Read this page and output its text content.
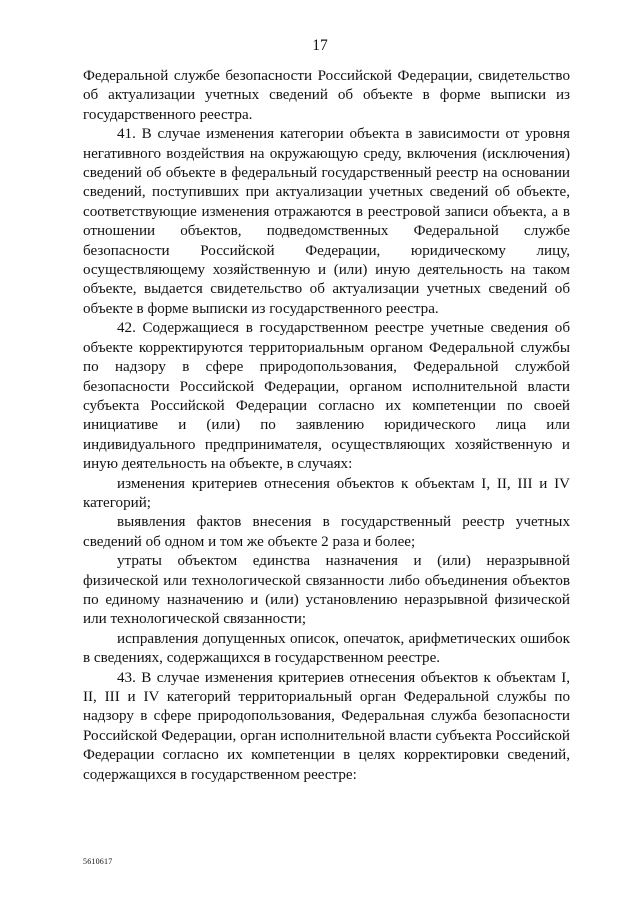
17

Федеральной службе безопасности Российской Федерации, свидетельство об актуализации учетных сведений об объекте в форме выписки из государственного реестра.

41. В случае изменения категории объекта в зависимости от уровня негативного воздействия на окружающую среду, включения (исключения) сведений об объекте в федеральный государственный реестр на основании сведений, поступивших при актуализации учетных сведений об объекте, соответствующие изменения отражаются в реестровой записи объекта, а в отношении объектов, подведомственных Федеральной службе безопасности Российской Федерации, юридическому лицу, осуществляющему хозяйственную и (или) иную деятельность на таком объекте, выдается свидетельство об актуализации учетных сведений об объекте в форме выписки из государственного реестра.

42. Содержащиеся в государственном реестре учетные сведения об объекте корректируются территориальным органом Федеральной службы по надзору в сфере природопользования, Федеральной службой безопасности Российской Федерации, органом исполнительной власти субъекта Российской Федерации согласно их компетенции по своей инициативе и (или) по заявлению юридического лица или индивидуального предпринимателя, осуществляющих хозяйственную и иную деятельность на объекте, в случаях:

изменения критериев отнесения объектов к объектам I, II, III и IV категорий;

выявления фактов внесения в государственный реестр учетных сведений об одном и том же объекте 2 раза и более;

утраты объектом единства назначения и (или) неразрывной физической или технологической связанности либо объединения объектов по единому назначению и (или) установлению неразрывной физической или технологической связанности;

исправления допущенных описок, опечаток, арифметических ошибок в сведениях, содержащихся в государственном реестре.

43. В случае изменения критериев отнесения объектов к объектам I, II, III и IV категорий территориальный орган Федеральной службы по надзору в сфере природопользования, Федеральная служба безопасности Российской Федерации, орган исполнительной власти субъекта Российской Федерации согласно их компетенции в целях корректировки сведений, содержащихся в государственном реестре:

5610617
